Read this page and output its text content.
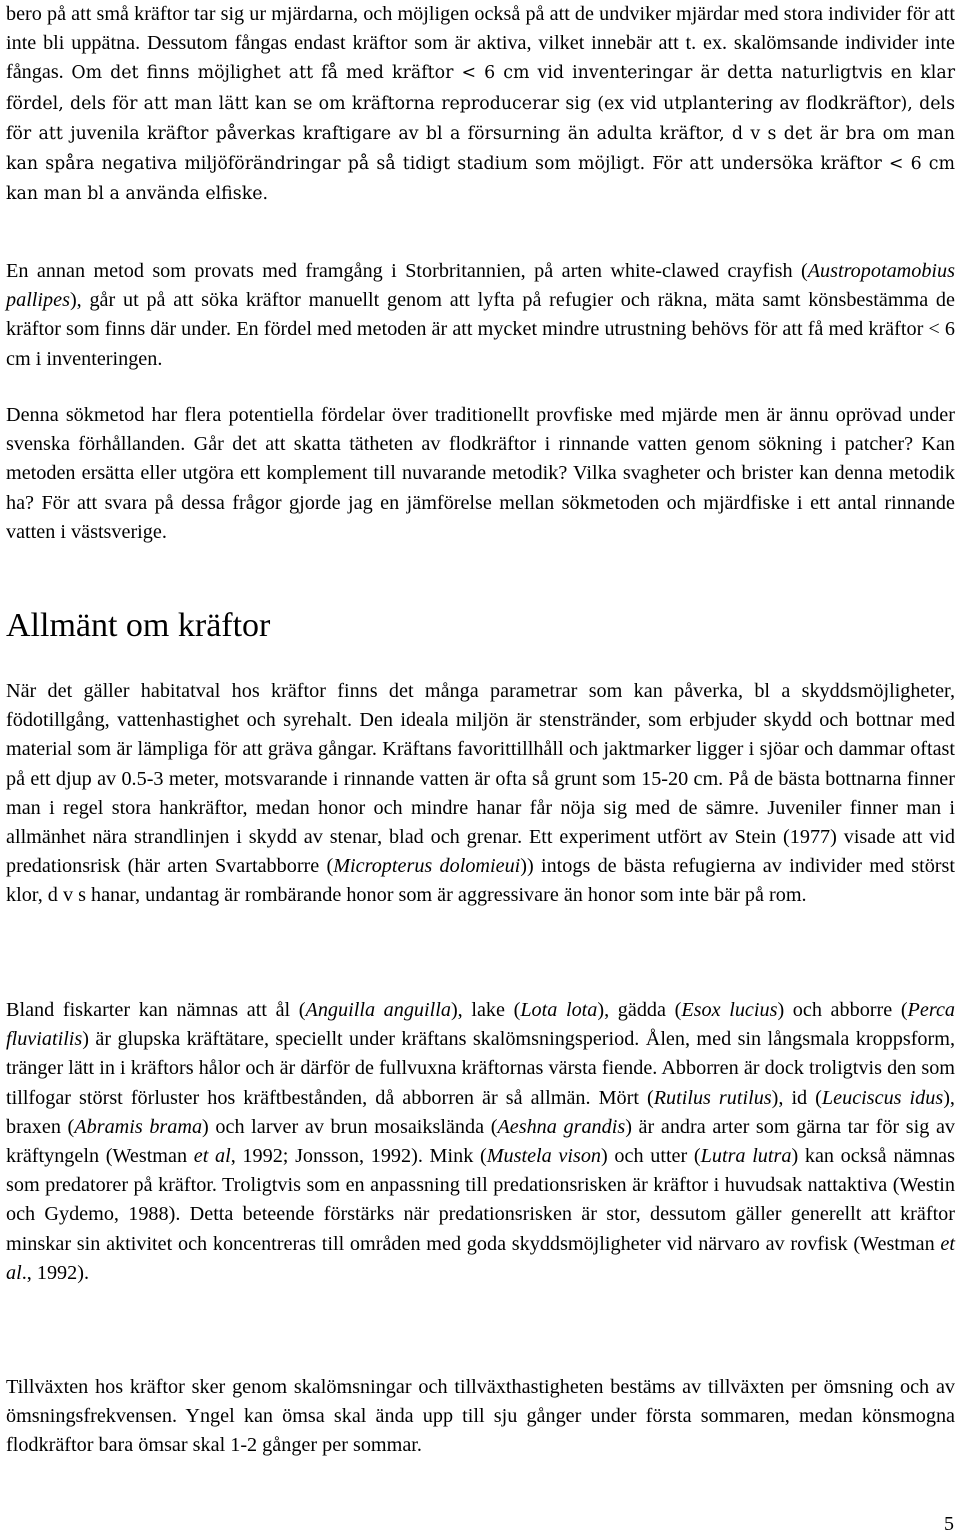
bero på att små kräftor tar sig ur mjärdarna, och möjligen också på att de undviker mjärdar med stora individer för att inte bli uppätna. Dessutom fångas endast kräftor som är aktiva, vilket innebär att t. ex. skalömsande individer inte fångas. Om det finns möjlighet att få med kräftor < 6 cm vid inventeringar är detta naturligtvis en klar fördel, dels för att man lätt kan se om kräftorna reproducerar sig (ex vid utplantering av flodkräftor), dels för att juvenila kräftor påverkas kraftigare av bl a försurning än adulta kräftor, d v s det är bra om man kan spåra negativa miljöförändringar på så tidigt stadium som möjligt. För att undersöka kräftor < 6 cm kan man bl a använda elfiske.

En annan metod som provats med framgång i Storbritannien, på arten white-clawed crayfish (Austropotamobius pallipes), går ut på att söka kräftor manuellt genom att lyfta på refugier och räkna, mäta samt könsbestämma de kräftor som finns där under. En fördel med metoden är att mycket mindre utrustning behövs för att få med kräftor < 6 cm i inventeringen.

Denna sökmetod har flera potentiella fördelar över traditionellt provfiske med mjärde men är ännu oprövad under svenska förhållanden. Går det att skatta tätheten av flodkräftor i rinnande vatten genom sökning i patcher? Kan metoden ersätta eller utgöra ett komplement till nuvarande metodik? Vilka svagheter och brister kan denna metodik ha? För att svara på dessa frågor gjorde jag en jämförelse mellan sökmetoden och mjärdfiske i ett antal rinnande vatten i västsverige.

Allmänt om kräftor

När det gäller habitatval hos kräftor finns det många parametrar som kan påverka, bl a skyddsmöjligheter, födotillgång, vattenhastighet och syrehalt. Den ideala miljön är stenstränder, som erbjuder skydd och bottnar med material som är lämpliga för att gräva gångar. Kräftans favorittillhåll och jaktmarker ligger i sjöar och dammar oftast på ett djup av 0.5-3 meter, motsvarande i rinnande vatten är ofta så grunt som 15-20 cm. På de bästa bottnarna finner man i regel stora hankräftor, medan honor och mindre hanar får nöja sig med de sämre. Juveniler finner man i allmänhet nära strandlinjen i skydd av stenar, blad och grenar. Ett experiment utfört av Stein (1977) visade att vid predationsrisk (här arten Svartabborre (Micropterus dolomieui)) intogs de bästa refugierna av individer med störst klor, d v s hanar, undantag är rombärande honor som är aggressivare än honor som inte bär på rom.

Bland fiskarter kan nämnas att ål (Anguilla anguilla), lake (Lota lota), gädda (Esox lucius) och abborre (Perca fluviatilis) är glupska kräftätare, speciellt under kräftans skalömsningsperiod. Ålen, med sin långsmala kroppsform, tränger lätt in i kräftors hålor och är därför de fullvuxna kräftornas värsta fiende. Abborren är dock troligtvis den som tillfogar störst förluster hos kräftbestånden, då abborren är så allmän. Mört (Rutilus rutilus), id (Leuciscus idus), braxen (Abramis brama) och larver av brun mosaikslända (Aeshna grandis) är andra arter som gärna tar för sig av kräftyngeln (Westman et al, 1992; Jonsson, 1992). Mink (Mustela vison) och utter (Lutra lutra) kan också nämnas som predatorer på kräftor. Troligtvis som en anpassning till predationsrisken är kräftor i huvudsak nattaktiva (Westin och Gydemo, 1988). Detta beteende förstärks när predationsrisken är stor, dessutom gäller generellt att kräftor minskar sin aktivitet och koncentreras till områden med goda skyddsmöjligheter vid närvaro av rovfisk (Westman et al., 1992).

Tillväxten hos kräftor sker genom skalömsningar och tillväxthastigheten bestäms av tillväxten per ömsning och av ömsningsfrekvensen. Yngel kan ömsa skal ända upp till sju gånger under första sommaren, medan könsmogna flodkräftor bara ömsar skal 1-2 gånger per sommar.

5
